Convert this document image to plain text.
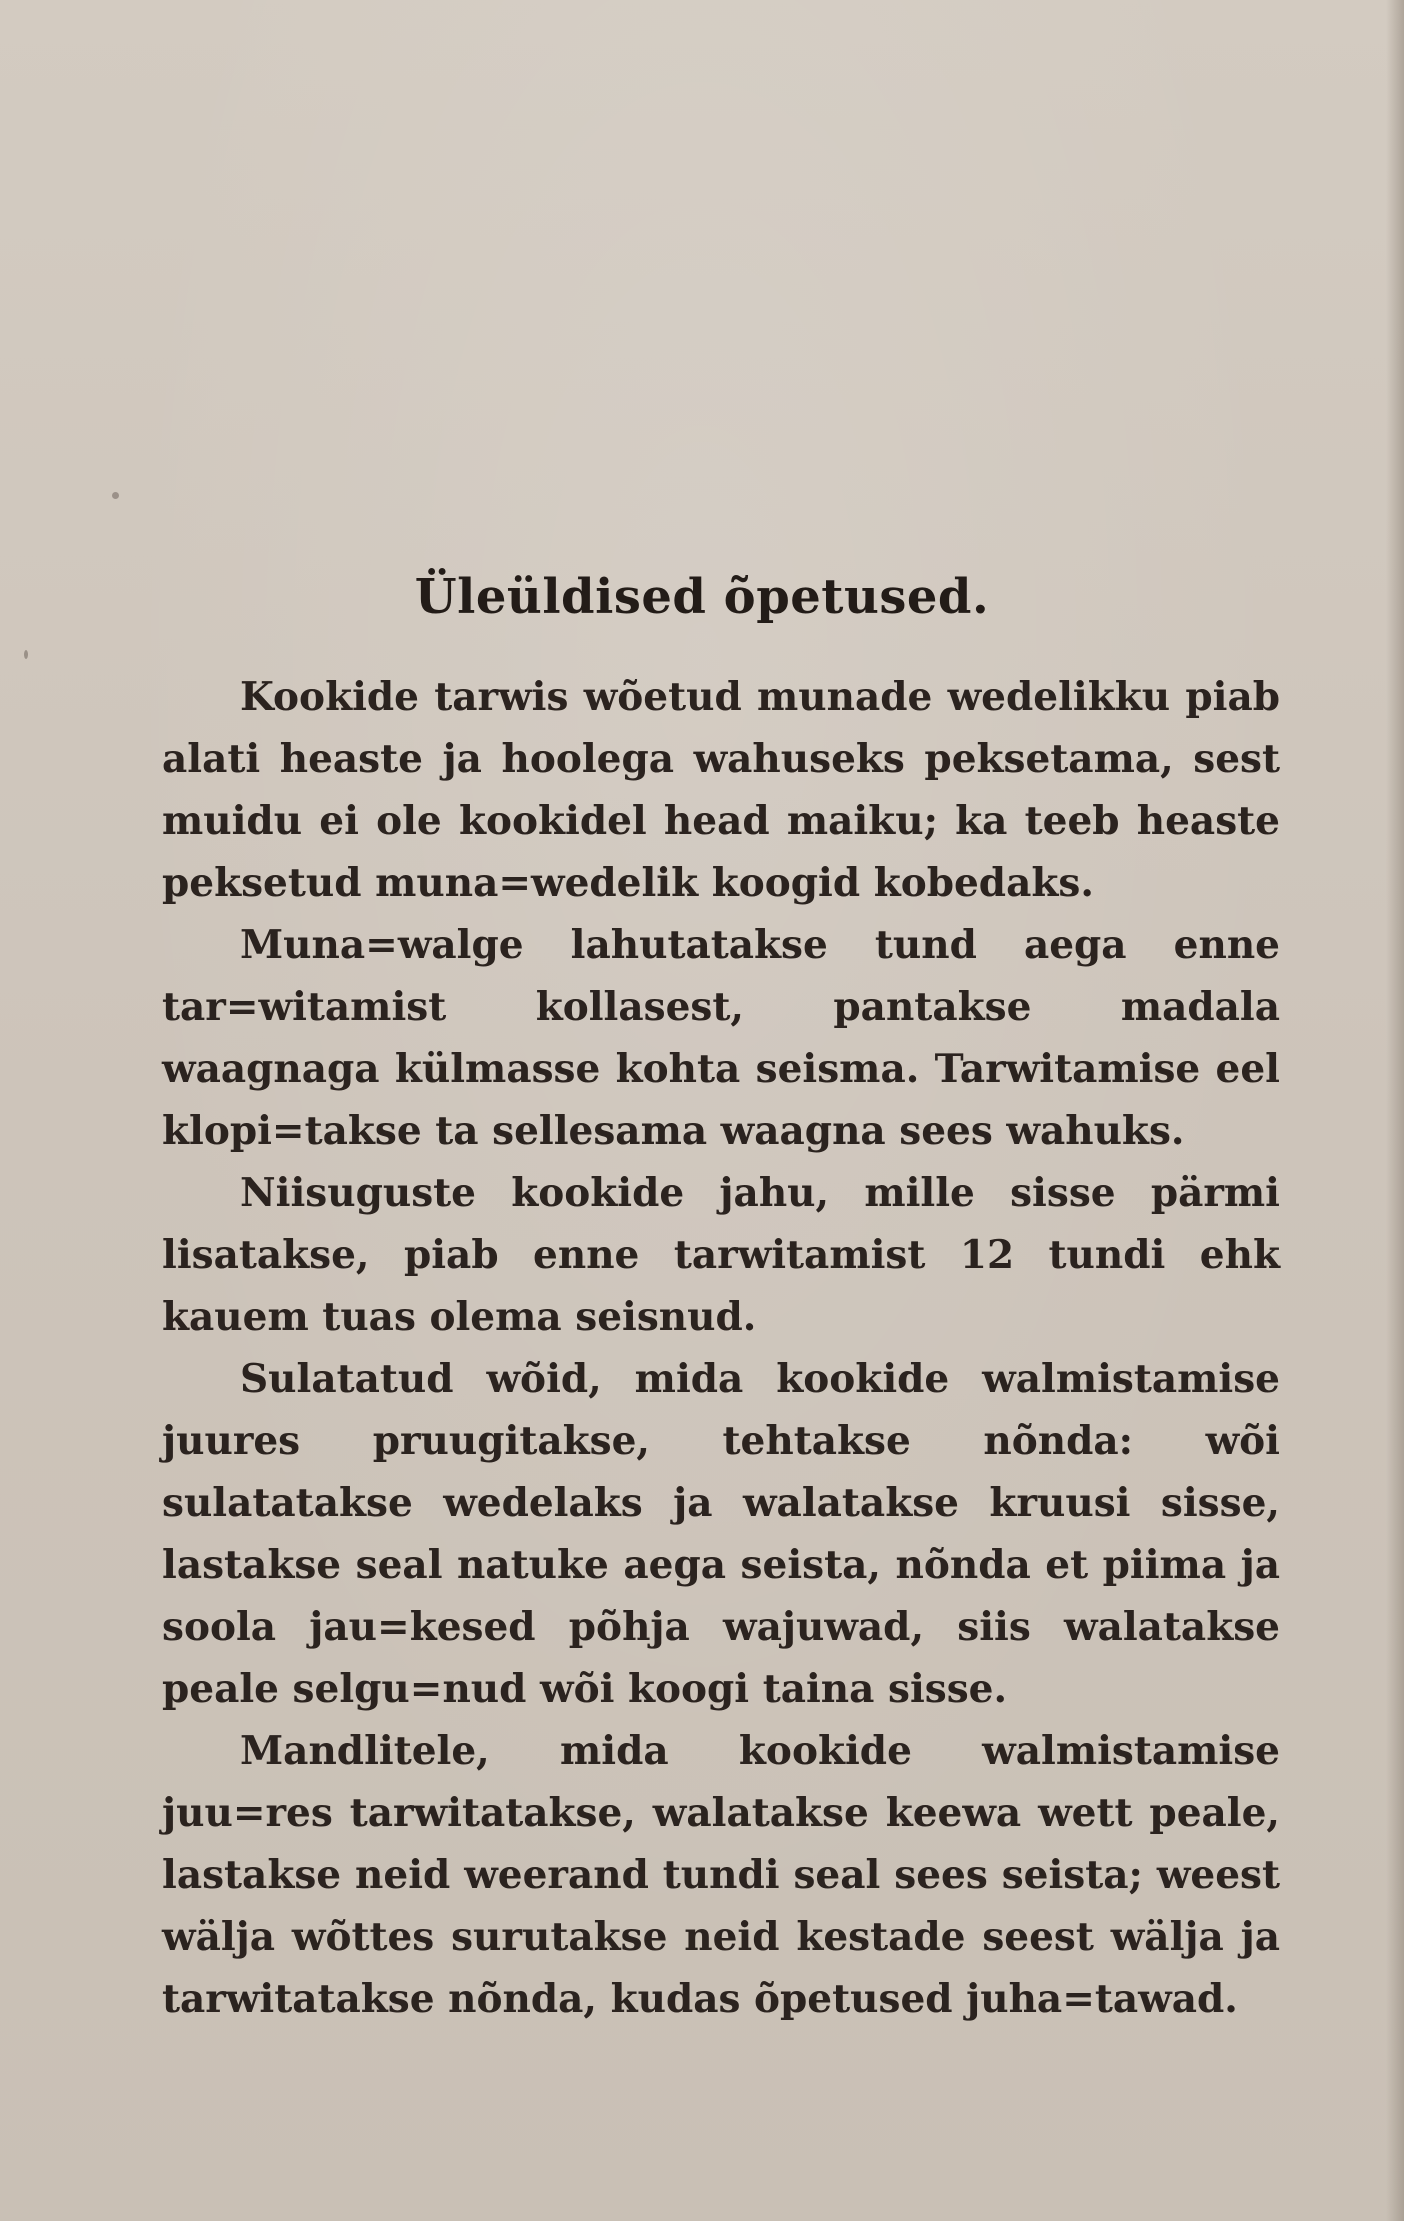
Üleüldised õpetused.

Kookide tarwis wõetud munade wedelikku piab alati heaste ja hoolega wahuseks peksetama, sest muidu ei ole kookidel head maiku; ka teeb heaste peksetud muna=wedelik koogid kobedaks.

Muna=walge lahutatakse tund aega enne tar=witamist kollasest, pantakse madala waagnaga külmasse kohta seisma. Tarwitamise eel klopi=takse ta sellesama waagna sees wahuks.

Niisuguste kookide jahu, mille sisse pärmi lisatakse, piab enne tarwitamist 12 tundi ehk kauem tuas olema seisnud.

Sulatatud wõid, mida kookide walmistamise juures pruugitakse, tehtakse nõnda: wõi sulatatakse wedelaks ja walatakse kruusi sisse, lastakse seal natuke aega seista, nõnda et piima ja soola jau=kesed põhja wajuwad, siis walatakse peale selgu=nud wõi koogi taina sisse.

Mandlitele, mida kookide walmistamise juu=res tarwitatakse, walatakse keewa wett peale, lastakse neid weerand tundi seal sees seista; weest wälja wõttes surutakse neid kestade seest wälja ja tarwitatakse nõnda, kudas õpetused juha=tawad.
